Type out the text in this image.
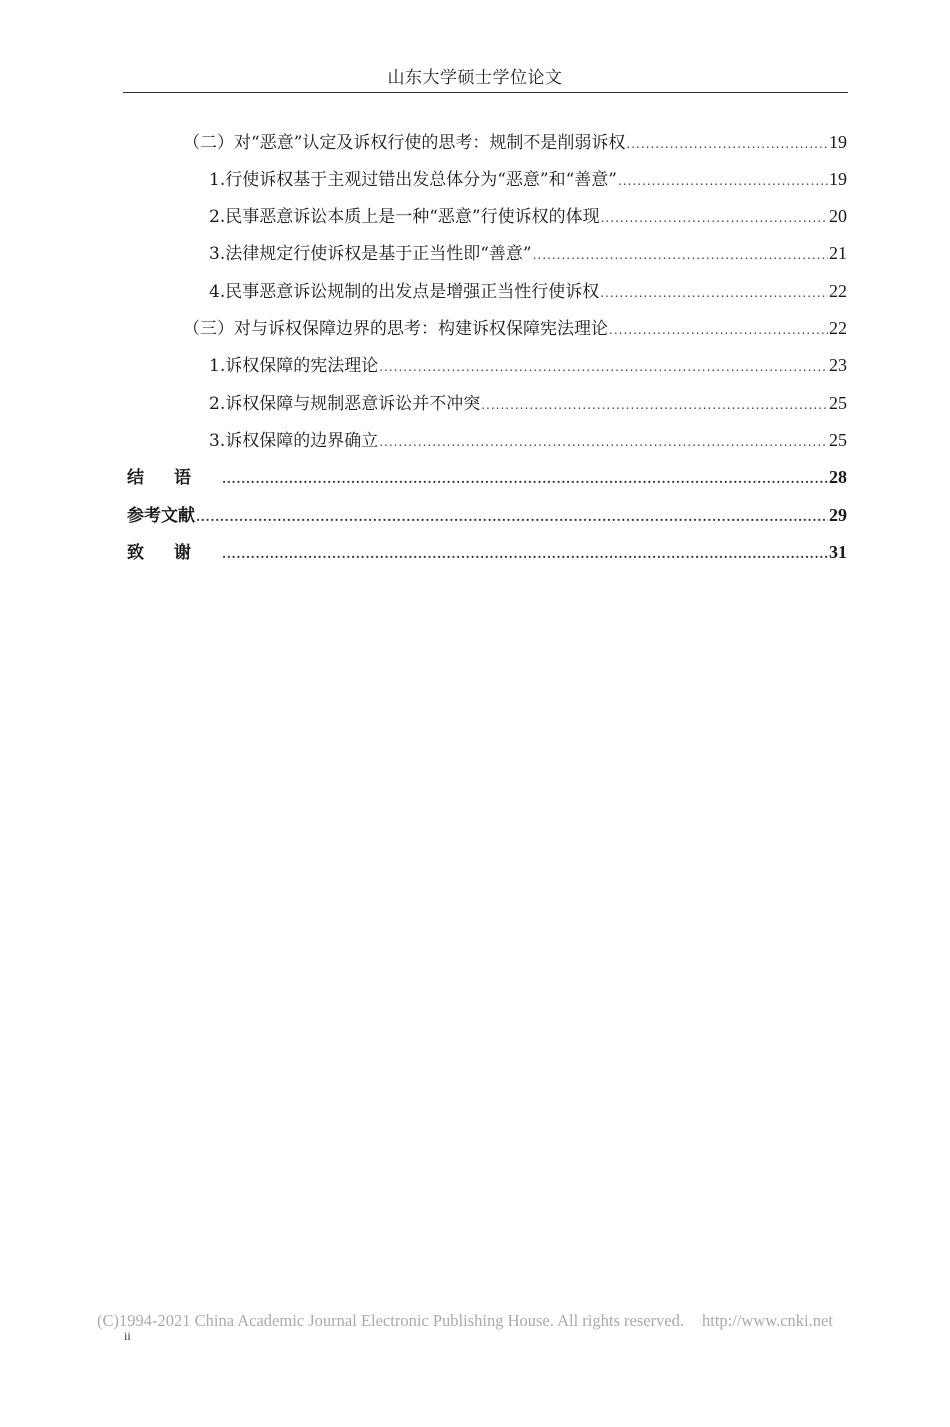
山东大学硕士学位论文
（二）对“恶意”认定及诉权行使的思考：规制不是削弱诉权 .....	19
1.行使诉权基于主观过错出发总体分为“恶意”和“善意” .....	19
2.民事恶意诉讼本质上是一种“恶意”行使诉权的体现 .....	20
3.法律规定行使诉权是基于正当性即“善意” .....	21
4.民事恶意诉讼规制的出发点是增强正当性行使诉权 .....	22
（三）对与诉权保障边界的思考：构建诉权保障宪法理论 .....	22
1.诉权保障的宪法理论 .....	23
2.诉权保障与规制恶意诉讼并不冲突 .....	25
3.诉权保障的边界确立 .....	25
结语 .....	28
参考文献 .....	29
致谢 .....	31
(C)1994-2021 China Academic Journal Electronic Publishing House. All rights reserved. http://www.cnki.net
ii
